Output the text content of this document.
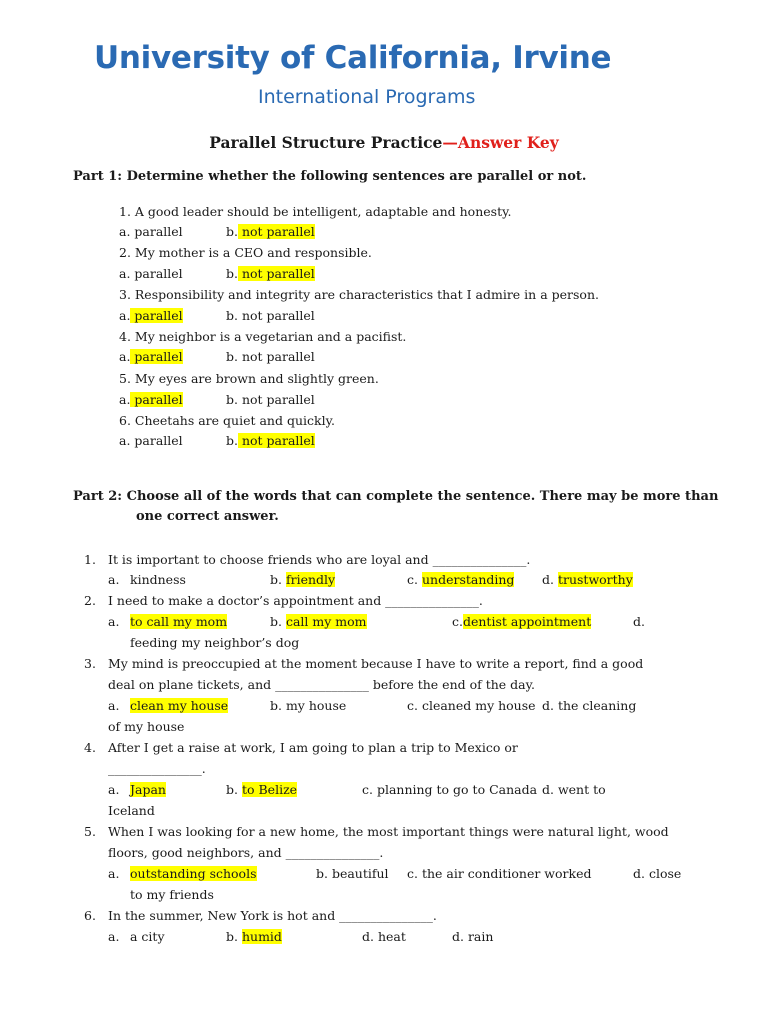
University of California, Irvine
International Programs
Parallel Structure Practice—Answer Key
Part 1: Determine whether the following sentences are parallel or not.
1. A good leader should be intelligent, adaptable and honesty.
a. parallel	b. not parallel
2. My mother is a CEO and responsible.
a. parallel	b. not parallel
3. Responsibility and integrity are characteristics that I admire in a person.
a. parallel	b. not parallel
4. My neighbor is a vegetarian and a pacifist.
a. parallel	b. not parallel
5. My eyes are brown and slightly green.
a. parallel	b. not parallel
6. Cheetahs are quiet and quickly.
a. parallel	b. not parallel
Part 2: Choose all of the words that can complete the sentence. There may be more than
one correct answer.
1. It is important to choose friends who are loyal and _______________.
a. kindness	b. friendly	c. understanding d. trustworthy
2. I need to make a doctor’s appointment and _______________.
a. to call my mom	b. call my mom	c.dentist appointment	d.
feeding my neighbor’s dog
3. My mind is preoccupied at the moment because I have to write a report, find a good
deal on plane tickets, and _______________ before the end of the day.
a. clean my house	b. my house	c. cleaned my house d. the cleaning
of my house
4. After I get a raise at work, I am going to plan a trip to Mexico or
_______________.
a. Japan	b. to Belize	c. planning to go to Canada d. went to
Iceland
5. When I was looking for a new home, the most important things were natural light, wood
floors, good neighbors, and _______________.
a. outstanding schools	b. beautiful c. the air conditioner worked	d. close
to my friends
6. In the summer, New York is hot and _______________.
a. a city	b. humid	d. heat	d. rain
